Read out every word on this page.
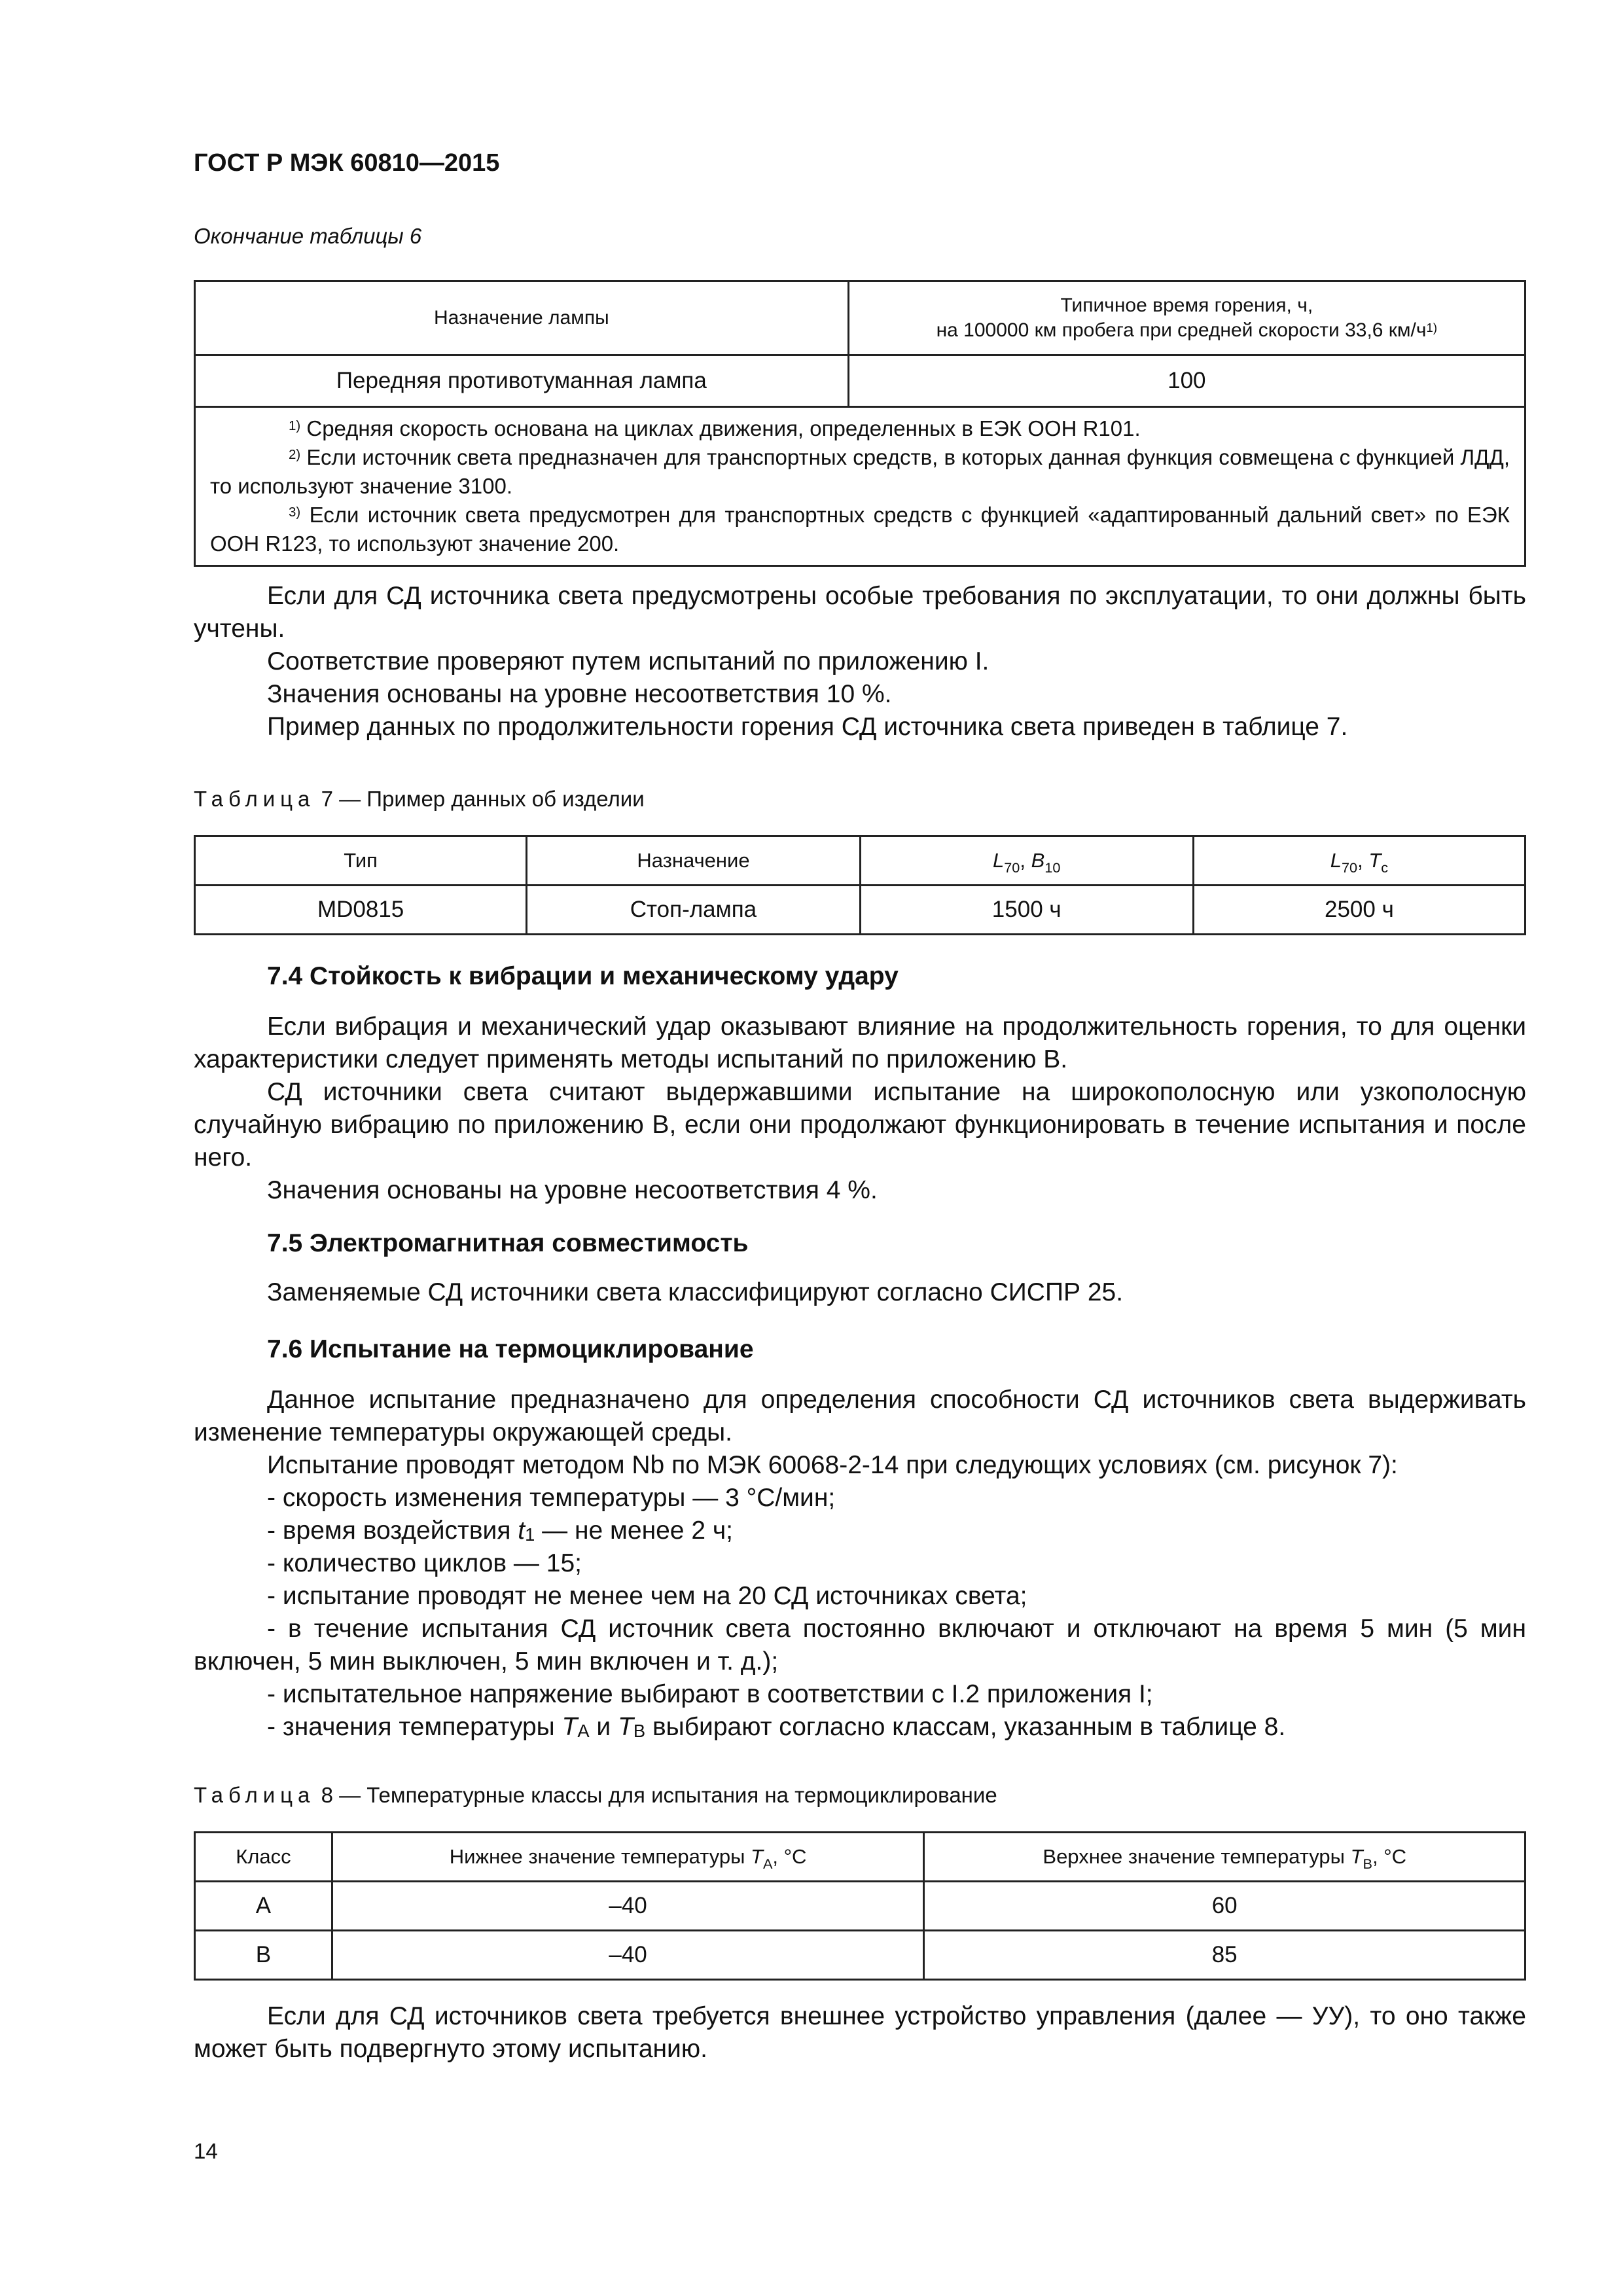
ГОСТ Р МЭК 60810—2015
Окончание таблицы 6
Назначение лампы	Типичное время горения, ч,
на 100000 км пробега при средней скорости 33,6 $км/ч^{1)}$
Передняя противотуманная лампа	100

$^{1)}$ Средняя скорость основана на циклах движения, определенных в ЕЭК ООН R101.
$^{2)}$ Если источник света предназначен для транспортных средств, в которых данная функция совмещена с функцией ЛДД, то используют значение 3100.
$^{3)}$ Если источник света предусмотрен для транспортных средств с функцией «адаптированный дальний свет» по ЕЭК ООН R123, то используют значение 200.	

Если для СД источника света предусмотрены особые требования по эксплуатации, то они должны быть учтены.

Соответствие проверяют путем испытаний по приложению I.

Значения основаны на уровне несоответствия 10 %.

Пример данных по продолжительности горения СД источника света приведен в таблице 7.

Таблица 7 — Пример данных об изделии
Тип	Назначение	$L_{70}$, $B_{10}$	$L_{70}$, $T_c$
MD0815	Стоп-лампа	1500 ч	2500 ч
7.4 Стойкость к вибрации и механическому удару

Если вибрация и механический удар оказывают влияние на продолжительность горения, то для оценки характеристики следует применять методы испытаний по приложению В.

СД источники света считают выдержавшими испытание на широкополосную или узкополосную случайную вибрацию по приложению В, если они продолжают функционировать в течение испытания и после него.

Значения основаны на уровне несоответствия 4 %.

7.5 Электромагнитная совместимость

Заменяемые СД источники света классифицируют согласно СИСПР 25.

7.6 Испытание на термоциклирование

Данное испытание предназначено для определения способности СД источников света выдерживать изменение температуры окружающей среды.

Испытание проводят методом Nb по МЭК 60068-2-14 при следующих условиях (см. рисунок 7):

- скорость изменения температуры — 3 °С/мин;

- время воздействия $t_1$ — не менее 2 ч;

- количество циклов — 15;

- испытание проводят не менее чем на 20 СД источниках света;

- в течение испытания СД источник света постоянно включают и отключают на время 5 мин (5 мин включен, 5 мин выключен, 5 мин включен и т. д.);

- испытательное напряжение выбирают в соответствии с I.2 приложения I;

- значения температуры $T_A$ и $T_B$ выбирают согласно классам, указанным в таблице 8.

Таблица 8 — Температурные классы для испытания на термоциклирование
Класс	Нижнее значение температуры $T_A$, °С	Верхнее значение температуры $T_B$, °С
А	–40	60
В	–40	85

Если для СД источников света требуется внешнее устройство управления (далее — УУ), то оно также может быть подвергнуто этому испытанию.

14
